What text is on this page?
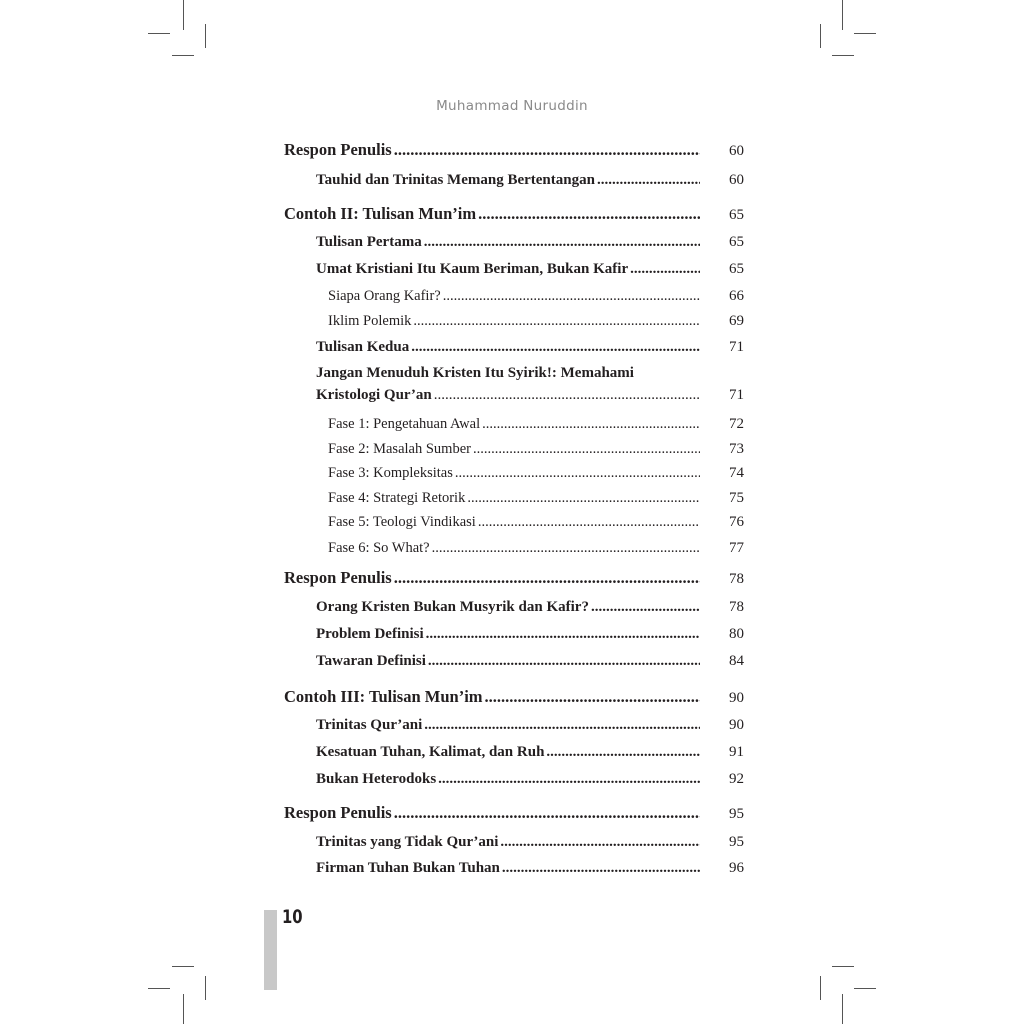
Muhammad Nuruddin
Respon Penulis .....	60
Tauhid dan Trinitas Memang Bertentangan .....	60
Contoh II: Tulisan Mun’im .....	65
Tulisan Pertama .....	65
Umat Kristiani Itu Kaum Beriman, Bukan Kafir .....	65
Siapa Orang Kafir? .....	66
Iklim Polemik .....	69
Tulisan Kedua .....	71
Jangan Menuduh Kristen Itu Syirik!: Memahami
Kristologi Qur’an .....	71
Fase 1: Pengetahuan Awal .....	72
Fase 2: Masalah Sumber .....	73
Fase 3: Kompleksitas .....	74
Fase 4: Strategi Retorik .....	75
Fase 5: Teologi Vindikasi .....	76
Fase 6: So What? .....	77
Respon Penulis .....	78
Orang Kristen Bukan Musyrik dan Kafir? .....	78
Problem Definisi .....	80
Tawaran Definisi .....	84
Contoh III: Tulisan Mun’im .....	90
Trinitas Qur’ani .....	90
Kesatuan Tuhan, Kalimat, dan Ruh .....	91
Bukan Heterodoks .....	92
Respon Penulis .....	95
Trinitas yang Tidak Qur’ani .....	95
Firman Tuhan Bukan Tuhan .....	96
10
